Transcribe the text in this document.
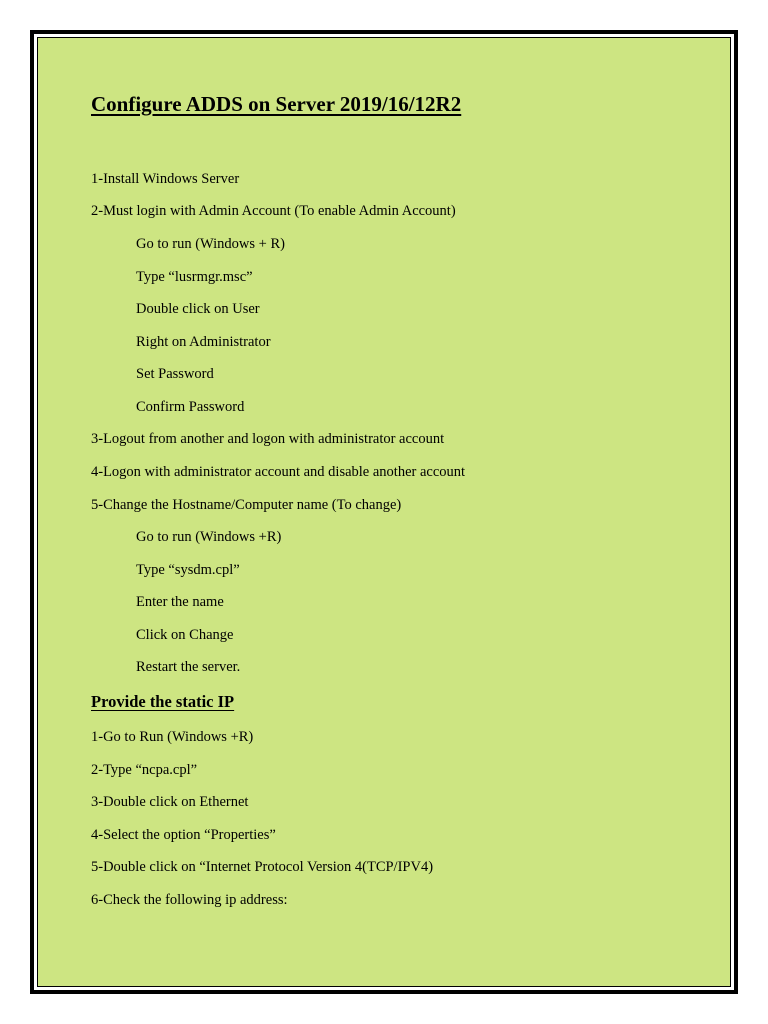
Configure ADDS on Server 2019/16/12R2

1-Install Windows Server

2-Must login with Admin Account (To enable Admin Account)

Go to run (Windows + R)

Type “lusrmgr.msc”

Double click on User

Right on Administrator

Set Password

Confirm Password

3-Logout from another and logon with administrator account

4-Logon with administrator account and disable another account

5-Change the Hostname/Computer name (To change)

Go to run (Windows +R)

Type “sysdm.cpl”

Enter the name

Click on Change

Restart the server.

Provide the static IP

1-Go to Run (Windows +R)

2-Type “ncpa.cpl”

3-Double click on Ethernet

4-Select the option “Properties”

5-Double click on “Internet Protocol Version 4(TCP/IPV4)

6-Check the following ip address:
